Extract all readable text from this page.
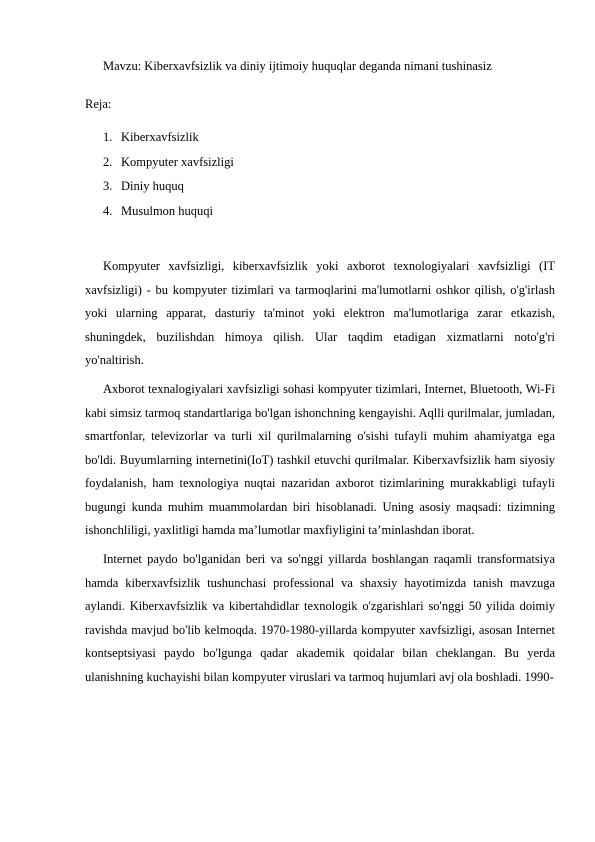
Mavzu: Kiberxavfsizlik va diniy ijtimoiy huquqlar deganda nimani tushinasiz
Reja:
1. Kiberxavfsizlik
2. Kompyuter xavfsizligi
3. Diniy huquq
4. Musulmon huquqi

Kompyuter xavfsizligi, kiberxavfsizlik yoki axborot texnologiyalari xavfsizligi (IT xavfsizligi) - bu kompyuter tizimlari va tarmoqlarini ma'lumotlarni oshkor qilish, o'g'irlash yoki ularning apparat, dasturiy ta'minot yoki elektron ma'lumotlariga zarar etkazish, shuningdek, buzilishdan himoya qilish. Ular taqdim etadigan xizmatlarni noto'g'ri yo'naltirish.

Axborot texnalogiyalari xavfsizligi sohasi kompyuter tizimlari, Internet, Bluetooth, Wi-Fi kabi simsiz tarmoq standartlariga bo'lgan ishonchning kengayishi. Aqlli qurilmalar, jumladan, smartfonlar, televizorlar va turli xil qurilmalarning o'sishi tufayli muhim ahamiyatga ega bo'ldi. Buyumlarning internetini(IoT) tashkil etuvchi qurilmalar. Kiberxavfsizlik ham siyosiy foydalanish, ham texnologiya nuqtai nazaridan axborot tizimlarining murakkabligi tufayli bugungi kunda muhim muammolardan biri hisoblanadi. Uning asosiy maqsadi: tizimning ishonchliligi, yaxlitligi hamda maʼlumotlar maxfiyligini taʼminlashdan iborat.

Internet paydo bo'lganidan beri va so'nggi yillarda boshlangan raqamli transformatsiya hamda kiberxavfsizlik tushunchasi professional va shaxsiy hayotimizda tanish mavzuga aylandi. Kiberxavfsizlik va kibertahdidlar texnologik o'zgarishlari so'nggi 50 yilida doimiy ravishda mavjud bo'lib kelmoqda. 1970-1980-yillarda kompyuter xavfsizligi, asosan Internet kontseptsiyasi paydo bo'lgunga qadar akademik qoidalar bilan cheklangan. Bu yerda ulanishning kuchayishi bilan kompyuter viruslari va tarmoq hujumlari avj ola boshladi. 1990-
